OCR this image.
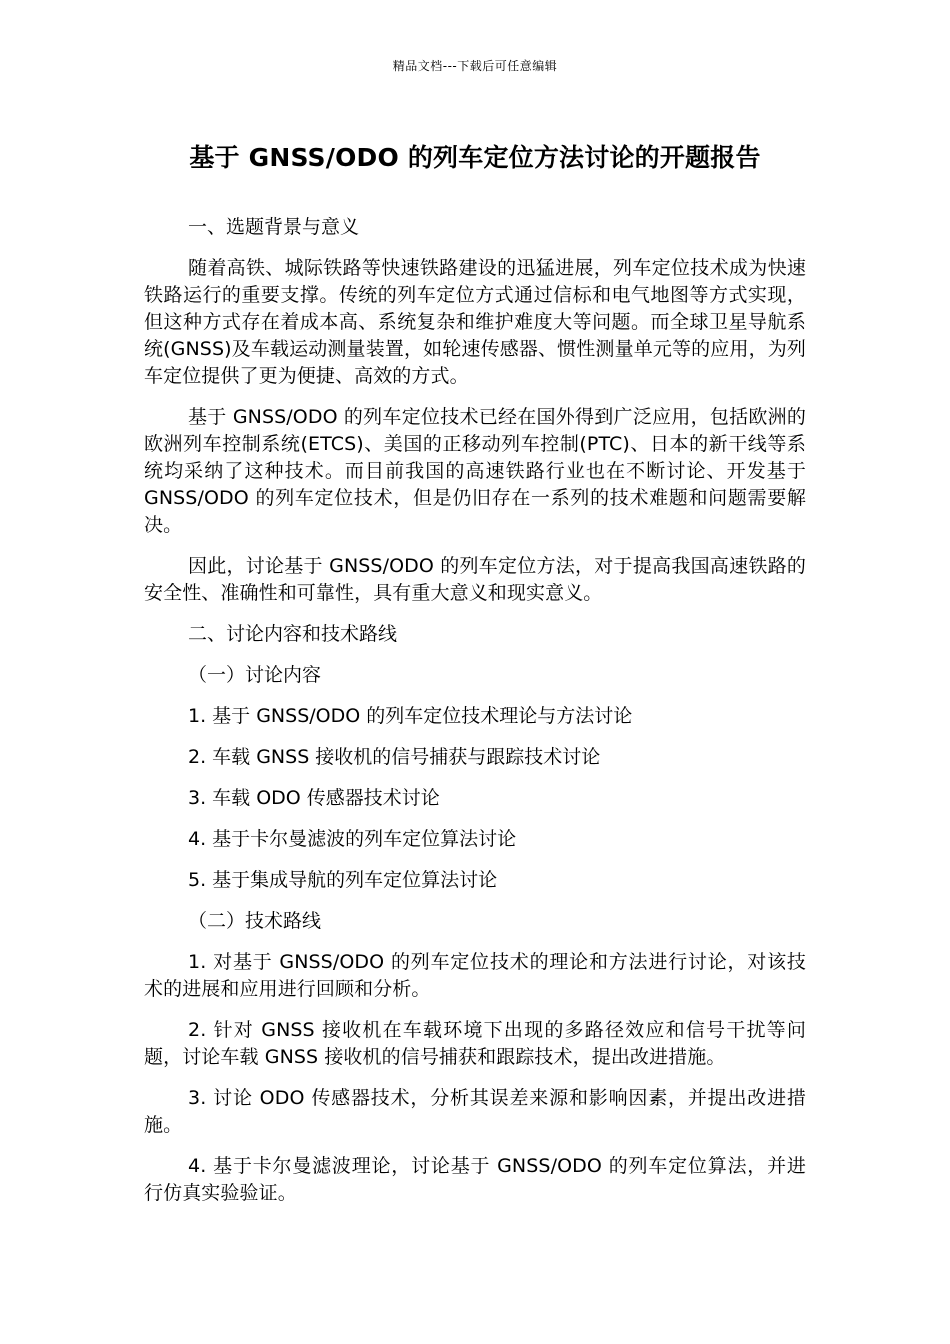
精品文档---下载后可任意编辑
基于 GNSS/ODO 的列车定位方法讨论的开题报告
一、选题背景与意义
随着高铁、城际铁路等快速铁路建设的迅猛进展，列车定位技术成为快速铁路运行的重要支撑。传统的列车定位方式通过信标和电气地图等方式实现，但这种方式存在着成本高、系统复杂和维护难度大等问题。而全球卫星导航系统(GNSS)及车载运动测量装置，如轮速传感器、惯性测量单元等的应用，为列车定位提供了更为便捷、高效的方式。
基于 GNSS/ODO 的列车定位技术已经在国外得到广泛应用，包括欧洲的欧洲列车控制系统(ETCS)、美国的正移动列车控制(PTC)、日本的新干线等系统均采纳了这种技术。而目前我国的高速铁路行业也在不断讨论、开发基于 GNSS/ODO 的列车定位技术，但是仍旧存在一系列的技术难题和问题需要解决。
因此，讨论基于 GNSS/ODO 的列车定位方法，对于提高我国高速铁路的安全性、准确性和可靠性，具有重大意义和现实意义。
二、讨论内容和技术路线
（一）讨论内容
1. 基于 GNSS/ODO 的列车定位技术理论与方法讨论
2. 车载 GNSS 接收机的信号捕获与跟踪技术讨论
3. 车载 ODO 传感器技术讨论
4. 基于卡尔曼滤波的列车定位算法讨论
5. 基于集成导航的列车定位算法讨论
（二）技术路线
1. 对基于 GNSS/ODO 的列车定位技术的理论和方法进行讨论，对该技术的进展和应用进行回顾和分析。
2. 针对 GNSS 接收机在车载环境下出现的多路径效应和信号干扰等问题，讨论车载 GNSS 接收机的信号捕获和跟踪技术，提出改进措施。
3. 讨论 ODO 传感器技术，分析其误差来源和影响因素，并提出改进措施。
4. 基于卡尔曼滤波理论，讨论基于 GNSS/ODO 的列车定位算法，并进行仿真实验验证。
